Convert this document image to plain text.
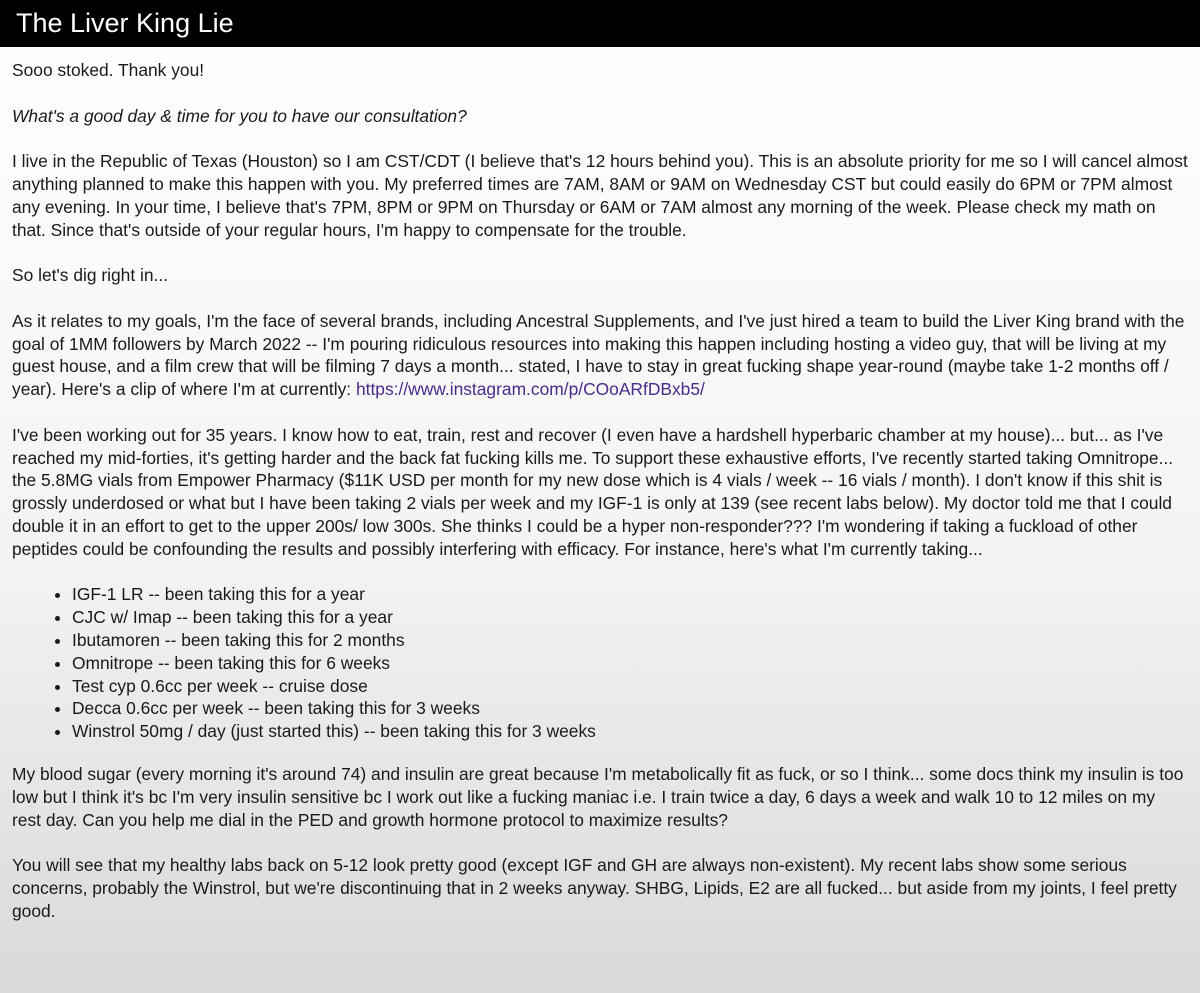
The Liver King Lie

Sooo stoked. Thank you!

What's a good day & time for you to have our consultation?

I live in the Republic of Texas (Houston) so I am CST/CDT (I believe that's 12 hours behind you). This is an absolute priority for me so I will cancel almost anything planned to make this happen with you. My preferred times are 7AM, 8AM or 9AM on Wednesday CST but could easily do 6PM or 7PM almost any evening. In your time, I believe that's 7PM, 8PM or 9PM on Thursday or 6AM or 7AM almost any morning of the week. Please check my math on that. Since that's outside of your regular hours, I'm happy to compensate for the trouble.

So let's dig right in...

As it relates to my goals, I'm the face of several brands, including Ancestral Supplements, and I've just hired a team to build the Liver King brand with the goal of 1MM followers by March 2022 -- I'm pouring ridiculous resources into making this happen including hosting a video guy, that will be living at my guest house, and a film crew that will be filming 7 days a month... stated, I have to stay in great fucking shape year-round (maybe take 1-2 months off / year). Here's a clip of where I'm at currently: https://www.instagram.com/p/COoARfDBxb5/

I've been working out for 35 years. I know how to eat, train, rest and recover (I even have a hardshell hyperbaric chamber at my house)... but... as I've reached my mid-forties, it's getting harder and the back fat fucking kills me. To support these exhaustive efforts, I've recently started taking Omnitrope... the 5.8MG vials from Empower Pharmacy ($11K USD per month for my new dose which is 4 vials / week -- 16 vials / month). I don't know if this shit is grossly underdosed or what but I have been taking 2 vials per week and my IGF-1 is only at 139 (see recent labs below). My doctor told me that I could double it in an effort to get to the upper 200s/ low 300s. She thinks I could be a hyper non-responder??? I'm wondering if taking a fuckload of other peptides could be confounding the results and possibly interfering with efficacy. For instance, here's what I'm currently taking...

• IGF-1 LR -- been taking this for a year
• CJC w/ Imap -- been taking this for a year
• Ibutamoren -- been taking this for 2 months
• Omnitrope -- been taking this for 6 weeks
• Test cyp 0.6cc per week -- cruise dose
• Decca 0.6cc per week -- been taking this for 3 weeks
• Winstrol 50mg / day (just started this) -- been taking this for 3 weeks

My blood sugar (every morning it's around 74) and insulin are great because I'm metabolically fit as fuck, or so I think... some docs think my insulin is too low but I think it's bc I'm very insulin sensitive bc I work out like a fucking maniac i.e. I train twice a day, 6 days a week and walk 10 to 12 miles on my rest day. Can you help me dial in the PED and growth hormone protocol to maximize results?

You will see that my healthy labs back on 5-12 look pretty good (except IGF and GH are always non-existent). My recent labs show some serious concerns, probably the Winstrol, but we're discontinuing that in 2 weeks anyway. SHBG, Lipids, E2 are all fucked... but aside from my joints, I feel pretty good.
